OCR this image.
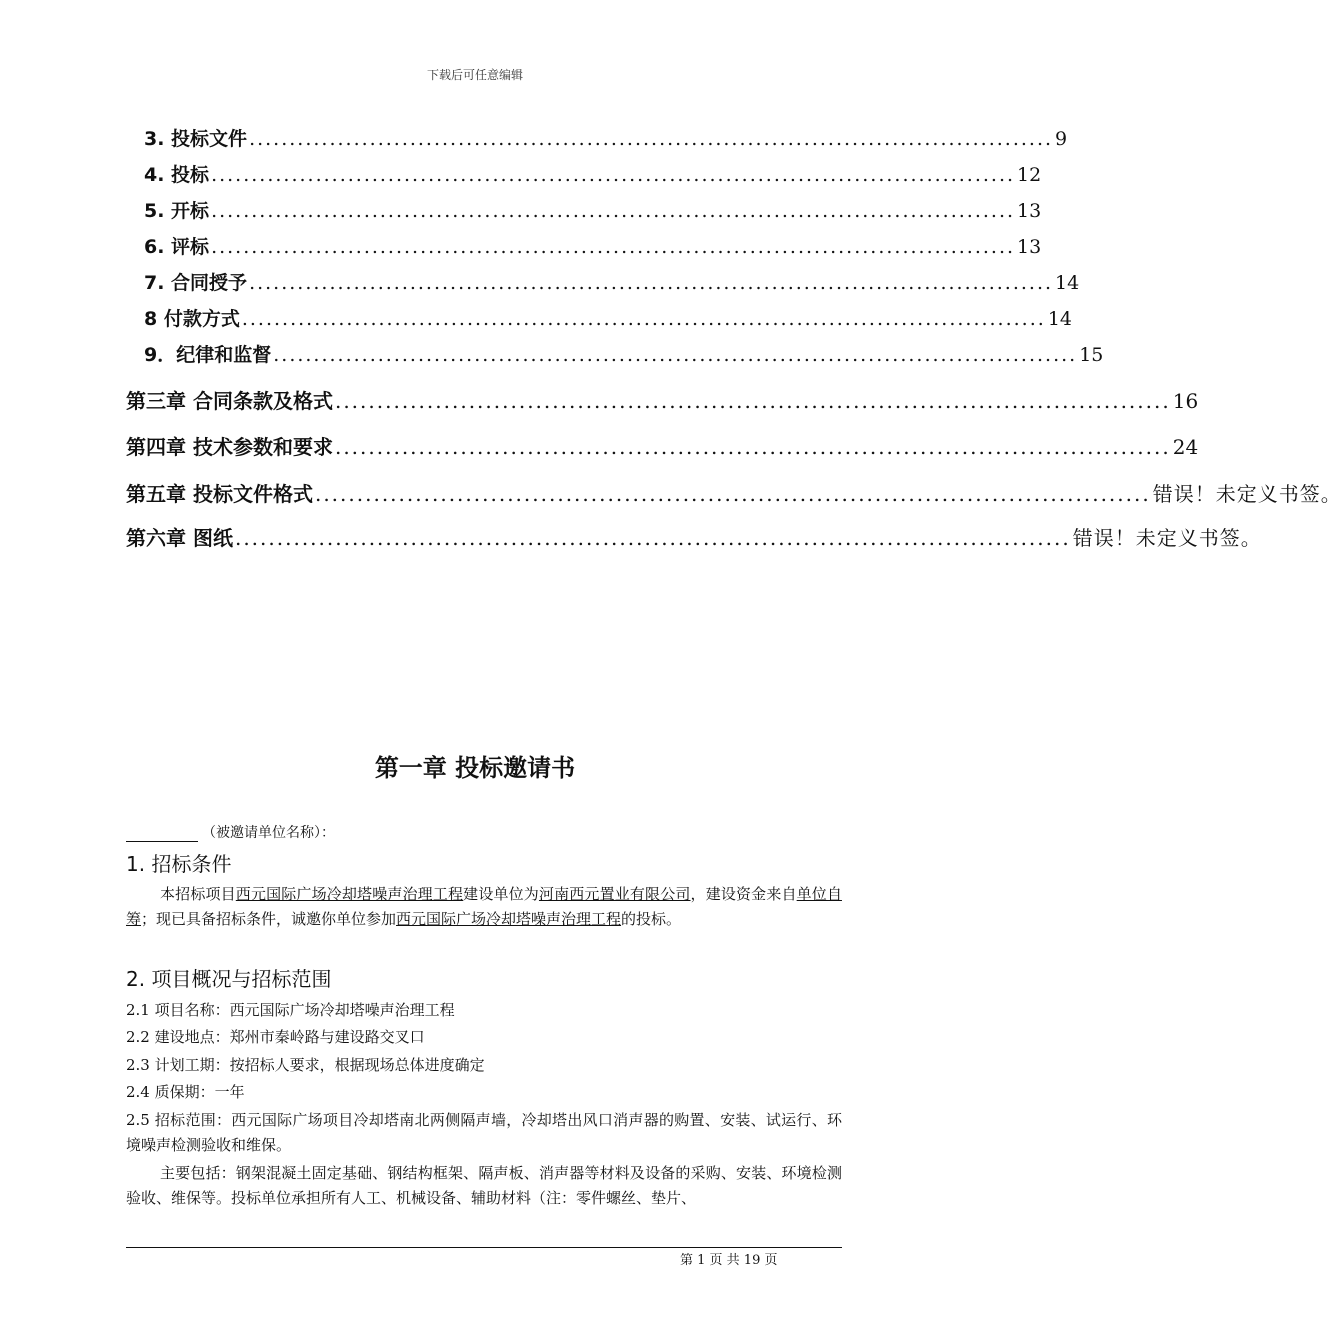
下载后可任意编辑
3. 投标文件 .................................................................................................... 9
4. 投标 .................................................................................................... 12
5. 开标 .................................................................................................... 13
6. 评标 .................................................................................................... 13
7. 合同授予 .................................................................................................... 14
8 付款方式 .................................................................................................... 14
9．纪律和监督 .................................................................................................... 15
第三章 合同条款及格式 .................................................................................................... 16
第四章 技术参数和要求 .................................................................................................... 24
第五章 投标文件格式 .................................................................................................... 错误！未定义书签。
第六章 图纸 .................................................................................................... 错误！未定义书签。
第一章 投标邀请书
（被邀请单位名称）：
1. 招标条件
本招标项目西元国际广场冷却塔噪声治理工程建设单位为河南西元置业有限公司，建设资金来自单位自筹；现已具备招标条件，诚邀你单位参加西元国际广场冷却塔噪声治理工程的投标。
2. 项目概况与招标范围
2.1 项目名称：西元国际广场冷却塔噪声治理工程
2.2 建设地点：郑州市秦岭路与建设路交叉口
2.3 计划工期：按招标人要求，根据现场总体进度确定
2.4 质保期：一年
2.5 招标范围：西元国际广场项目冷却塔南北两侧隔声墙，冷却塔出风口消声器的购置、安装、试运行、环境噪声检测验收和维保。
主要包括：钢架混凝土固定基础、钢结构框架、隔声板、消声器等材料及设备的采购、安装、环境检测验收、维保等。投标单位承担所有人工、机械设备、辅助材料（注：零件螺丝、垫片、
第 1 页 共 19 页
